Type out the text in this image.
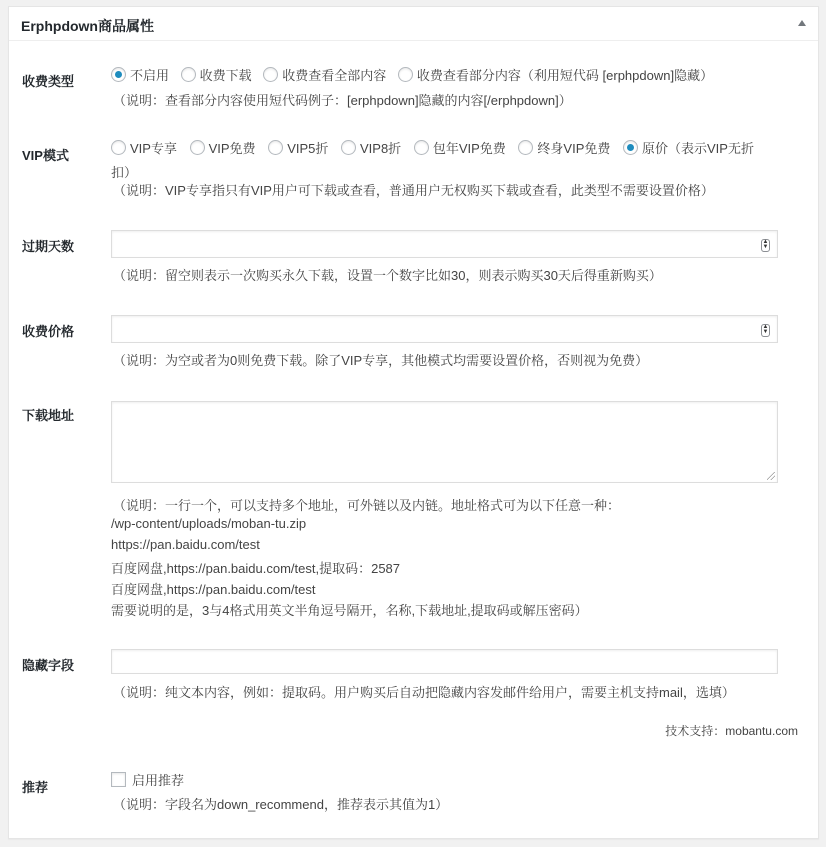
Erphpdown商品属性
收费类型	不启用
收费下载
收费查看全部内容
收费查看部分内容（利用短代码 [erphpdown]隐藏）
（说明：查看部分内容使用短代码例子：[erphpdown]隐藏的内容[/erphpdown]）
VIP模式	VIP专享
VIP免费
VIP5折
VIP8折
包年VIP免费
终身VIP免费
原价（表示VIP无折
扣）
（说明：VIP专享指只有VIP用户可下载或查看，普通用户无权购买下载或查看，此类型不需要设置价格）
过期天数	▲
▼
（说明：留空则表示一次购买永久下载，设置一个数字比如30，则表示购买30天后得重新购买）
收费价格	▲
▼
（说明：为空或者为0则免费下载。除了VIP专享，其他模式均需要设置价格，否则视为免费）
下载地址
（说明：一行一个，可以支持多个地址，可外链以及内链。地址格式可为以下任意一种：
/wp-content/uploads/moban-tu.zip
https://pan.baidu.com/test
百度网盘,https://pan.baidu.com/test,提取码：2587
百度网盘,https://pan.baidu.com/test
需要说明的是，3与4格式用英文半角逗号隔开，名称,下载地址,提取码或解压密码）
隐藏字段
（说明：纯文本内容，例如：提取码。用户购买后自动把隐藏内容发邮件给用户，需要主机支持mail，选填）
技术支持：mobantu.com
推荐	启用推荐
（说明：字段名为down_recommend，推荐表示其值为1）
